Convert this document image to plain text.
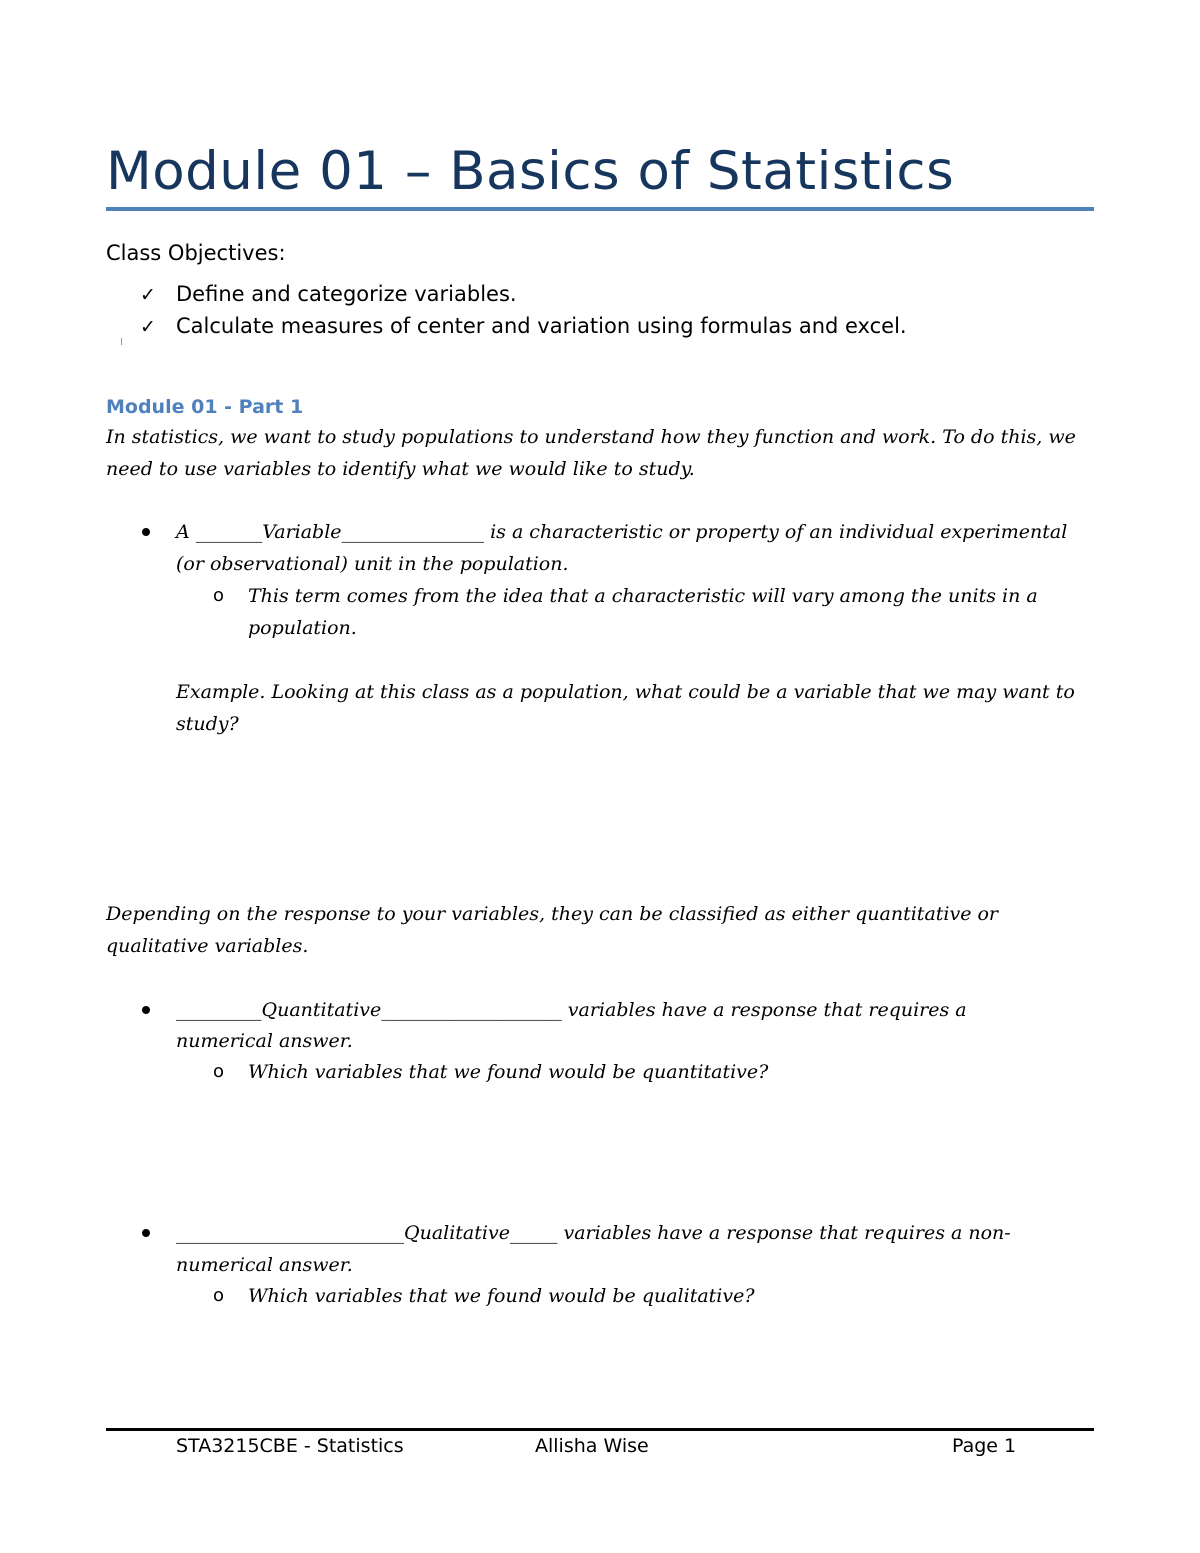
Module 01 – Basics of Statistics
Class Objectives:
✓ Define and categorize variables.
✓ Calculate measures of center and variation using formulas and excel.
Module 01 - Part 1
In statistics, we want to study populations to understand how they function and work. To do this, we
need to use variables to identify what we would like to study.
A _______Variable_______________ is a characteristic or property of an individual experimental
(or observational) unit in the population.
o This term comes from the idea that a characteristic will vary among the units in a
population.
Example. Looking at this class as a population, what could be a variable that we may want to
study?
Depending on the response to your variables, they can be classified as either quantitative or
qualitative variables.
_________Quantitative___________________ variables have a response that requires a
numerical answer.
o Which variables that we found would be quantitative?
________________________Qualitative_____ variables have a response that requires a non-
numerical answer.
o Which variables that we found would be qualitative?
STA3215CBE - Statistics	Allisha Wise	Page 1
